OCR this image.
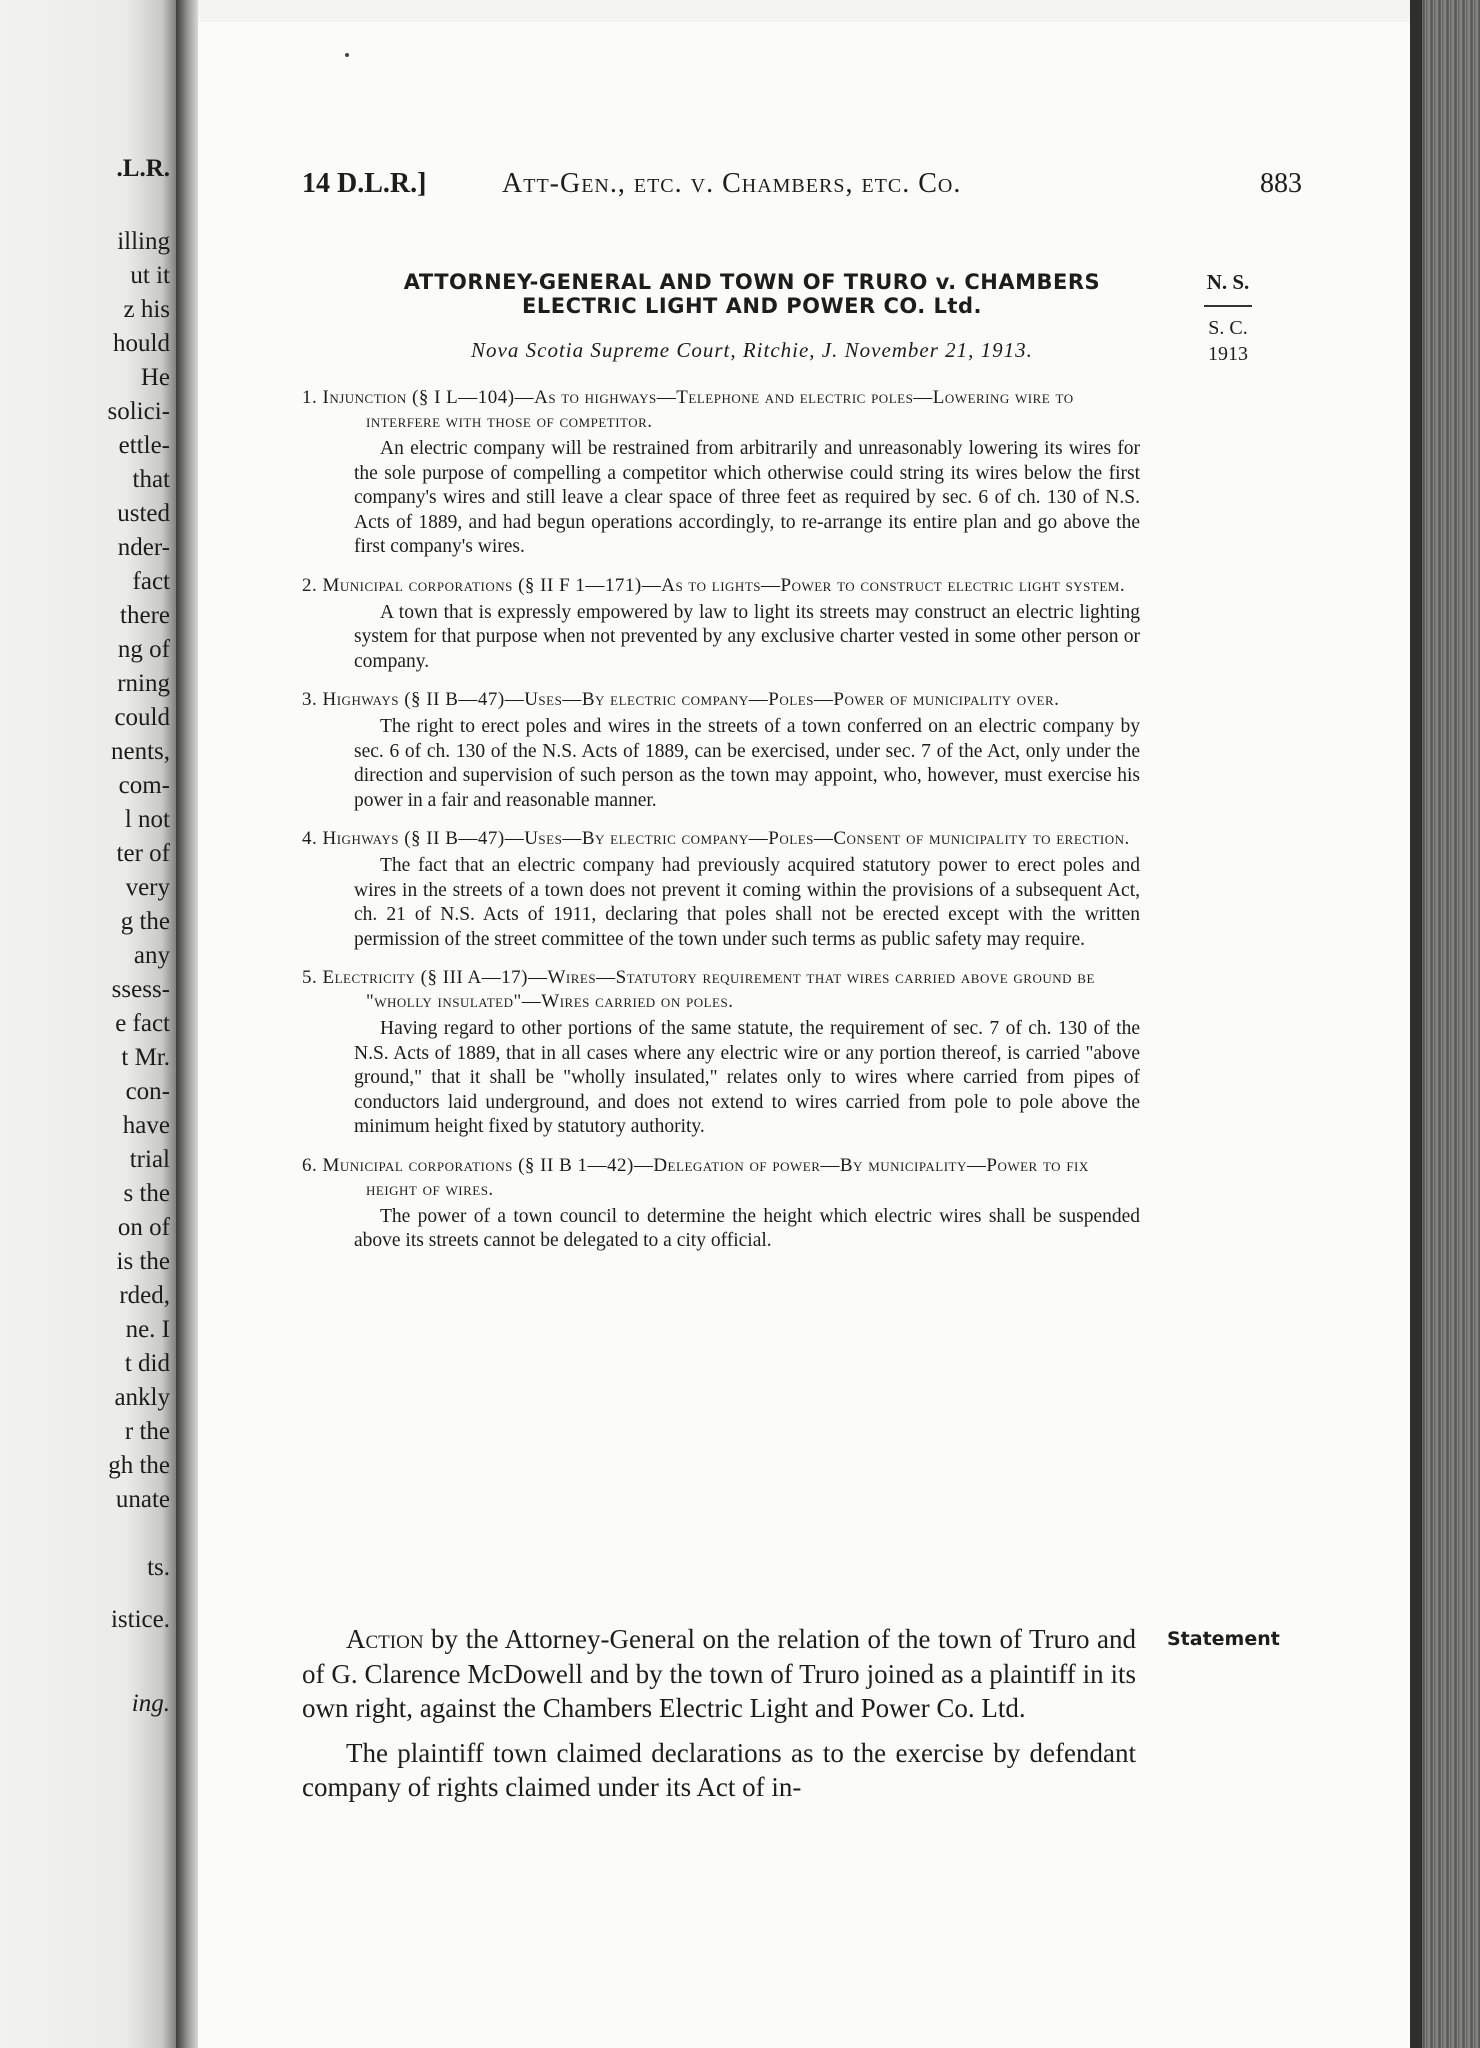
.L.R.
illing
ut it
z his
hould
He
solici-
ettle-
that
usted
nder-
fact
there
ng of
rning
could
nents,
com-
l not
ter of
very
g the
any
ssess-
e fact
t Mr.
con-
have
trial
s the
on of
is the
rded,
ne. I
t did
ankly
r the
gh the
unate
ts.
istice.
ing.
14 D.L.R.]	Att-Gen., etc. v. Chambers, etc. Co.	883
ATTORNEY-GENERAL AND TOWN OF TRURO v. CHAMBERS
ELECTRIC LIGHT AND POWER CO. Ltd.
Nova Scotia Supreme Court, Ritchie, J. November 21, 1913.
N. S.
S. C.
1913
1. Injunction (§ I L—104)—As to highways—Telephone and electric poles—Lowering wire to interfere with those of competitor.
An electric company will be restrained from arbitrarily and unreasonably lowering its wires for the sole purpose of compelling a competitor which otherwise could string its wires below the first company's wires and still leave a clear space of three feet as required by sec. 6 of ch. 130 of N.S. Acts of 1889, and had begun operations accordingly, to re-arrange its entire plan and go above the first company's wires.
2. Municipal corporations (§ II F 1—171)—As to lights—Power to construct electric light system.
A town that is expressly empowered by law to light its streets may construct an electric lighting system for that purpose when not prevented by any exclusive charter vested in some other person or company.
3. Highways (§ II B—47)—Uses—By electric company—Poles—Power of municipality over.
The right to erect poles and wires in the streets of a town conferred on an electric company by sec. 6 of ch. 130 of the N.S. Acts of 1889, can be exercised, under sec. 7 of the Act, only under the direction and supervision of such person as the town may appoint, who, however, must exercise his power in a fair and reasonable manner.
4. Highways (§ II B—47)—Uses—By electric company—Poles—Consent of municipality to erection.
The fact that an electric company had previously acquired statutory power to erect poles and wires in the streets of a town does not prevent it coming within the provisions of a subsequent Act, ch. 21 of N.S. Acts of 1911, declaring that poles shall not be erected except with the written permission of the street committee of the town under such terms as public safety may require.
5. Electricity (§ III A—17)—Wires—Statutory requirement that wires carried above ground be "wholly insulated"—Wires carried on poles.
Having regard to other portions of the same statute, the requirement of sec. 7 of ch. 130 of the N.S. Acts of 1889, that in all cases where any electric wire or any portion thereof, is carried "above ground," that it shall be "wholly insulated," relates only to wires where carried from pipes of conductors laid underground, and does not extend to wires carried from pole to pole above the minimum height fixed by statutory authority.
6. Municipal corporations (§ II B 1—42)—Delegation of power—By municipality—Power to fix height of wires.
The power of a town council to determine the height which electric wires shall be suspended above its streets cannot be delegated to a city official.
Statement

Action by the Attorney-General on the relation of the town of Truro and of G. Clarence McDowell and by the town of Truro joined as a plaintiff in its own right, against the Chambers Electric Light and Power Co. Ltd.

The plaintiff town claimed declarations as to the exercise by defendant company of rights claimed under its Act of in-
